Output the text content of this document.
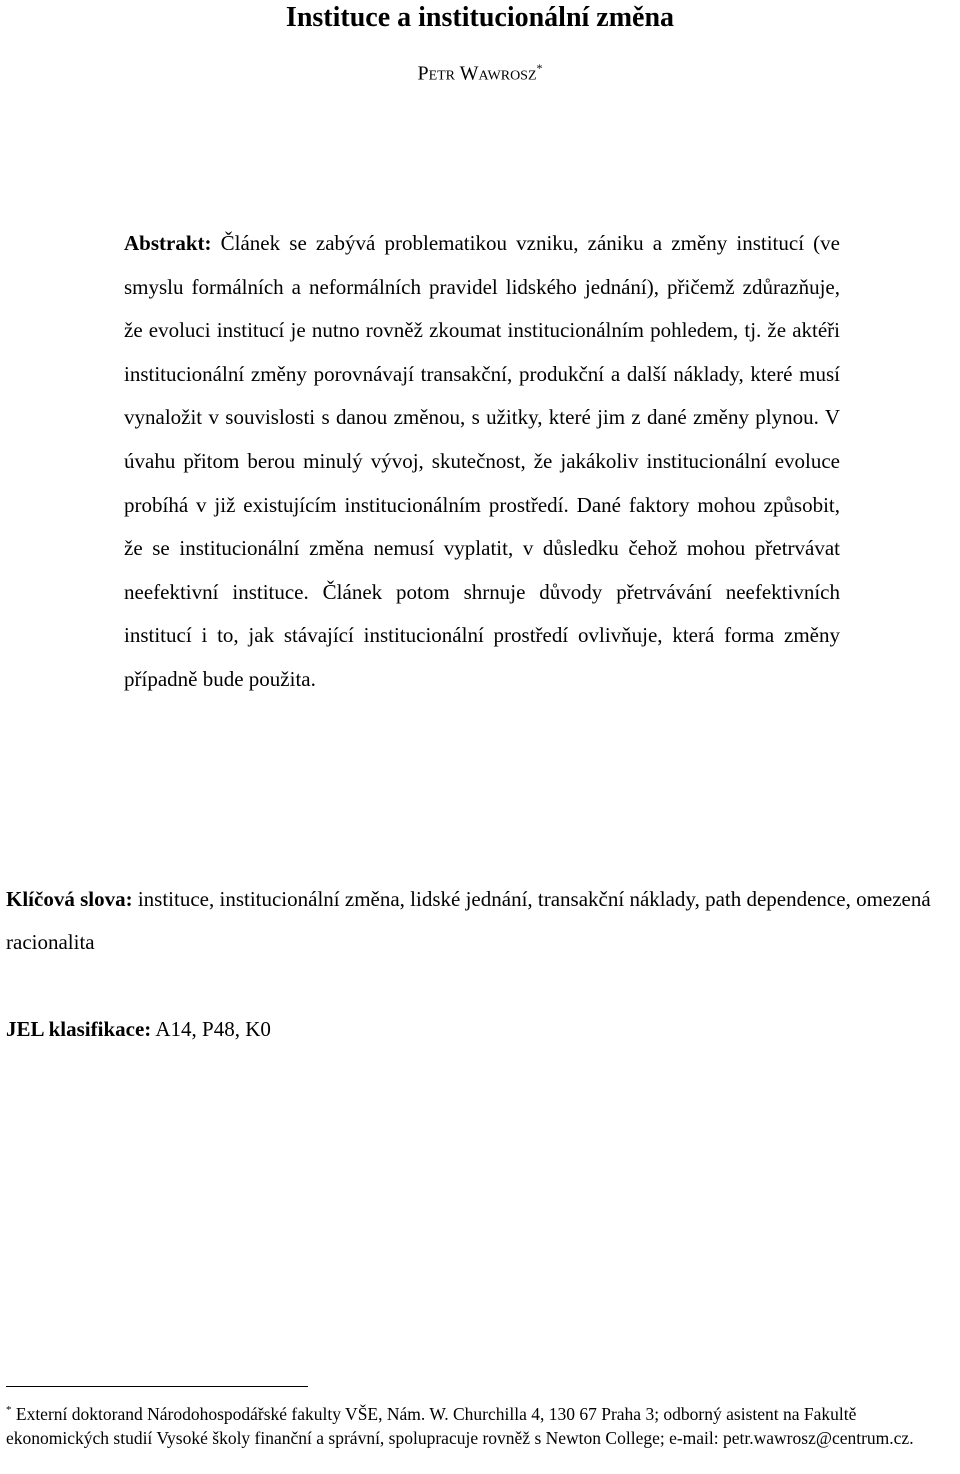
Instituce a institucionální změna
Petr Wawrosz*
Abstrakt: Článek se zabývá problematikou vzniku, zániku a změny institucí (ve smyslu formálních a neformálních pravidel lidského jednání), přičemž zdůrazňuje, že evoluci institucí je nutno rovněž zkoumat institucionálním pohledem, tj. že aktéři institucionální změny porovnávají transakční, produkční a další náklady, které musí vynaložit v souvislosti s danou změnou, s užitky, které jim z dané změny plynou. V úvahu přitom berou minulý vývoj, skutečnost, že jakákoliv institucionální evoluce probíhá v již existujícím institucionálním prostředí. Dané faktory mohou způsobit, že se institucionální změna nemusí vyplatit, v důsledku čehož mohou přetrvávat neefektivní instituce. Článek potom shrnuje důvody přetrvávání neefektivních institucí i to, jak stávající institucionální prostředí ovlivňuje, která forma změny případně bude použita.
Klíčová slova: instituce, institucionální změna, lidské jednání, transakční náklady, path dependence, omezená racionalita
JEL klasifikace: A14, P48, K0
* Externí doktorand Národohospodářské fakulty VŠE, Nám. W. Churchilla 4, 130 67 Praha 3; odborný asistent na Fakultě ekonomických studií Vysoké školy finanční a správní, spolupracuje rovněž s Newton College; e-mail: petr.wawrosz@centrum.cz.
